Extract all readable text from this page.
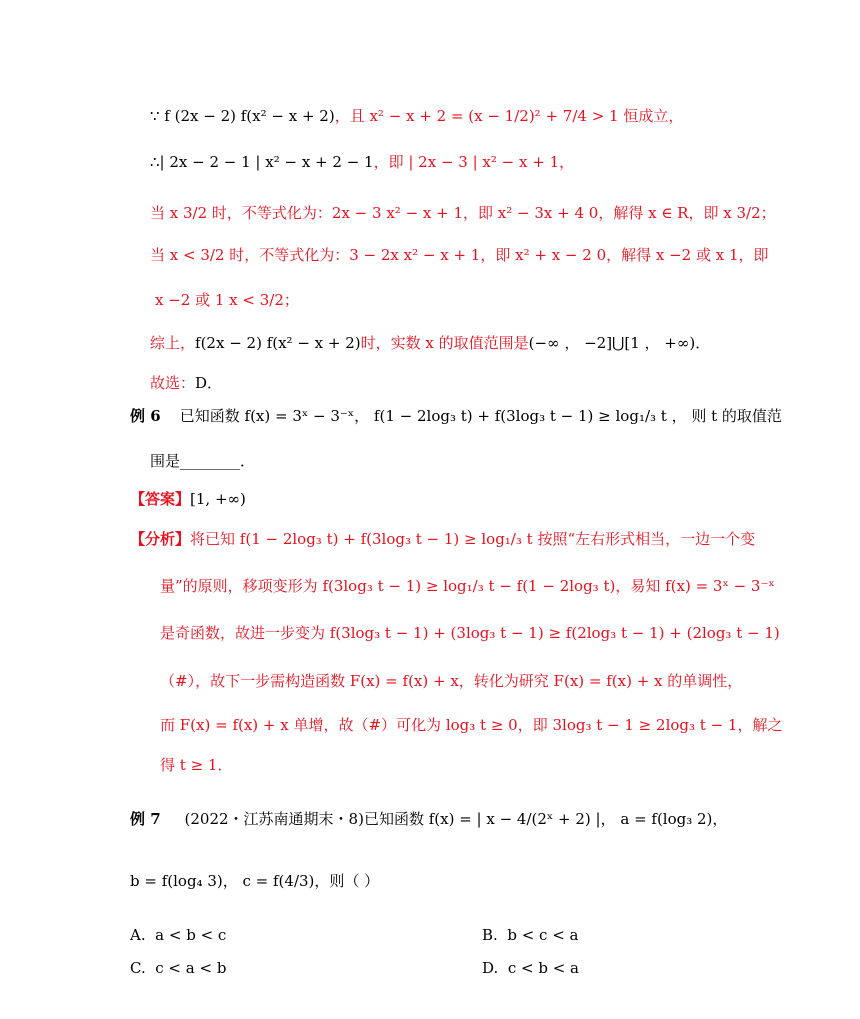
∵ f (2x − 2) f(x² − x + 2)，且 x² − x + 2 = (x − 1/2)² + 7/4 > 1 恒成立，
∴| 2x − 2 − 1 | x² − x + 2 − 1，即 | 2x − 3 | x² − x + 1，
当 x 3/2 时，不等式化为：2x − 3 x² − x + 1，即 x² − 3x + 4 0，解得 x ∈ R，即 x 3/2；
当 x < 3/2 时，不等式化为：3 − 2x x² − x + 1，即 x² + x − 2 0，解得 x −2 或 x 1，即
x −2 或 1 x < 3/2；
综上，f(2x − 2) f(x² − x + 2)时，实数 x 的取值范围是(−∞ ， −2]⋃[1 ， +∞)．
故选：D．
例 6 已知函数 f(x) = 3ˣ − 3⁻ˣ， f(1 − 2log₃ t) + f(3log₃ t − 1) ≥ log₁/₃ t ， 则 t 的取值范
围是________．
【答案】[1, +∞)
【分析】将已知 f(1 − 2log₃ t) + f(3log₃ t − 1) ≥ log₁/₃ t 按照“左右形式相当，一边一个变
量”的原则，移项变形为 f(3log₃ t − 1) ≥ log₁/₃ t − f(1 − 2log₃ t)，易知 f(x) = 3ˣ − 3⁻ˣ
是奇函数，故进一步变为 f(3log₃ t − 1) + (3log₃ t − 1) ≥ f(2log₃ t − 1) + (2log₃ t − 1)
（#），故下一步需构造函数 F(x) = f(x) + x，转化为研究 F(x) = f(x) + x 的单调性，
而 F(x) = f(x) + x 单增，故（#）可化为 log₃ t ≥ 0，即 3log₃ t − 1 ≥ 2log₃ t − 1，解之
得 t ≥ 1．
例 7 (2022・江苏南通期末・8)已知函数 f(x) = | x − 4/(2ˣ + 2) |， a = f(log₃ 2)，
b = f(log₄ 3)， c = f(4/3)，则（ ）
A. a < b < c	B. b < c < a
C. c < a < b	D. c < b < a
